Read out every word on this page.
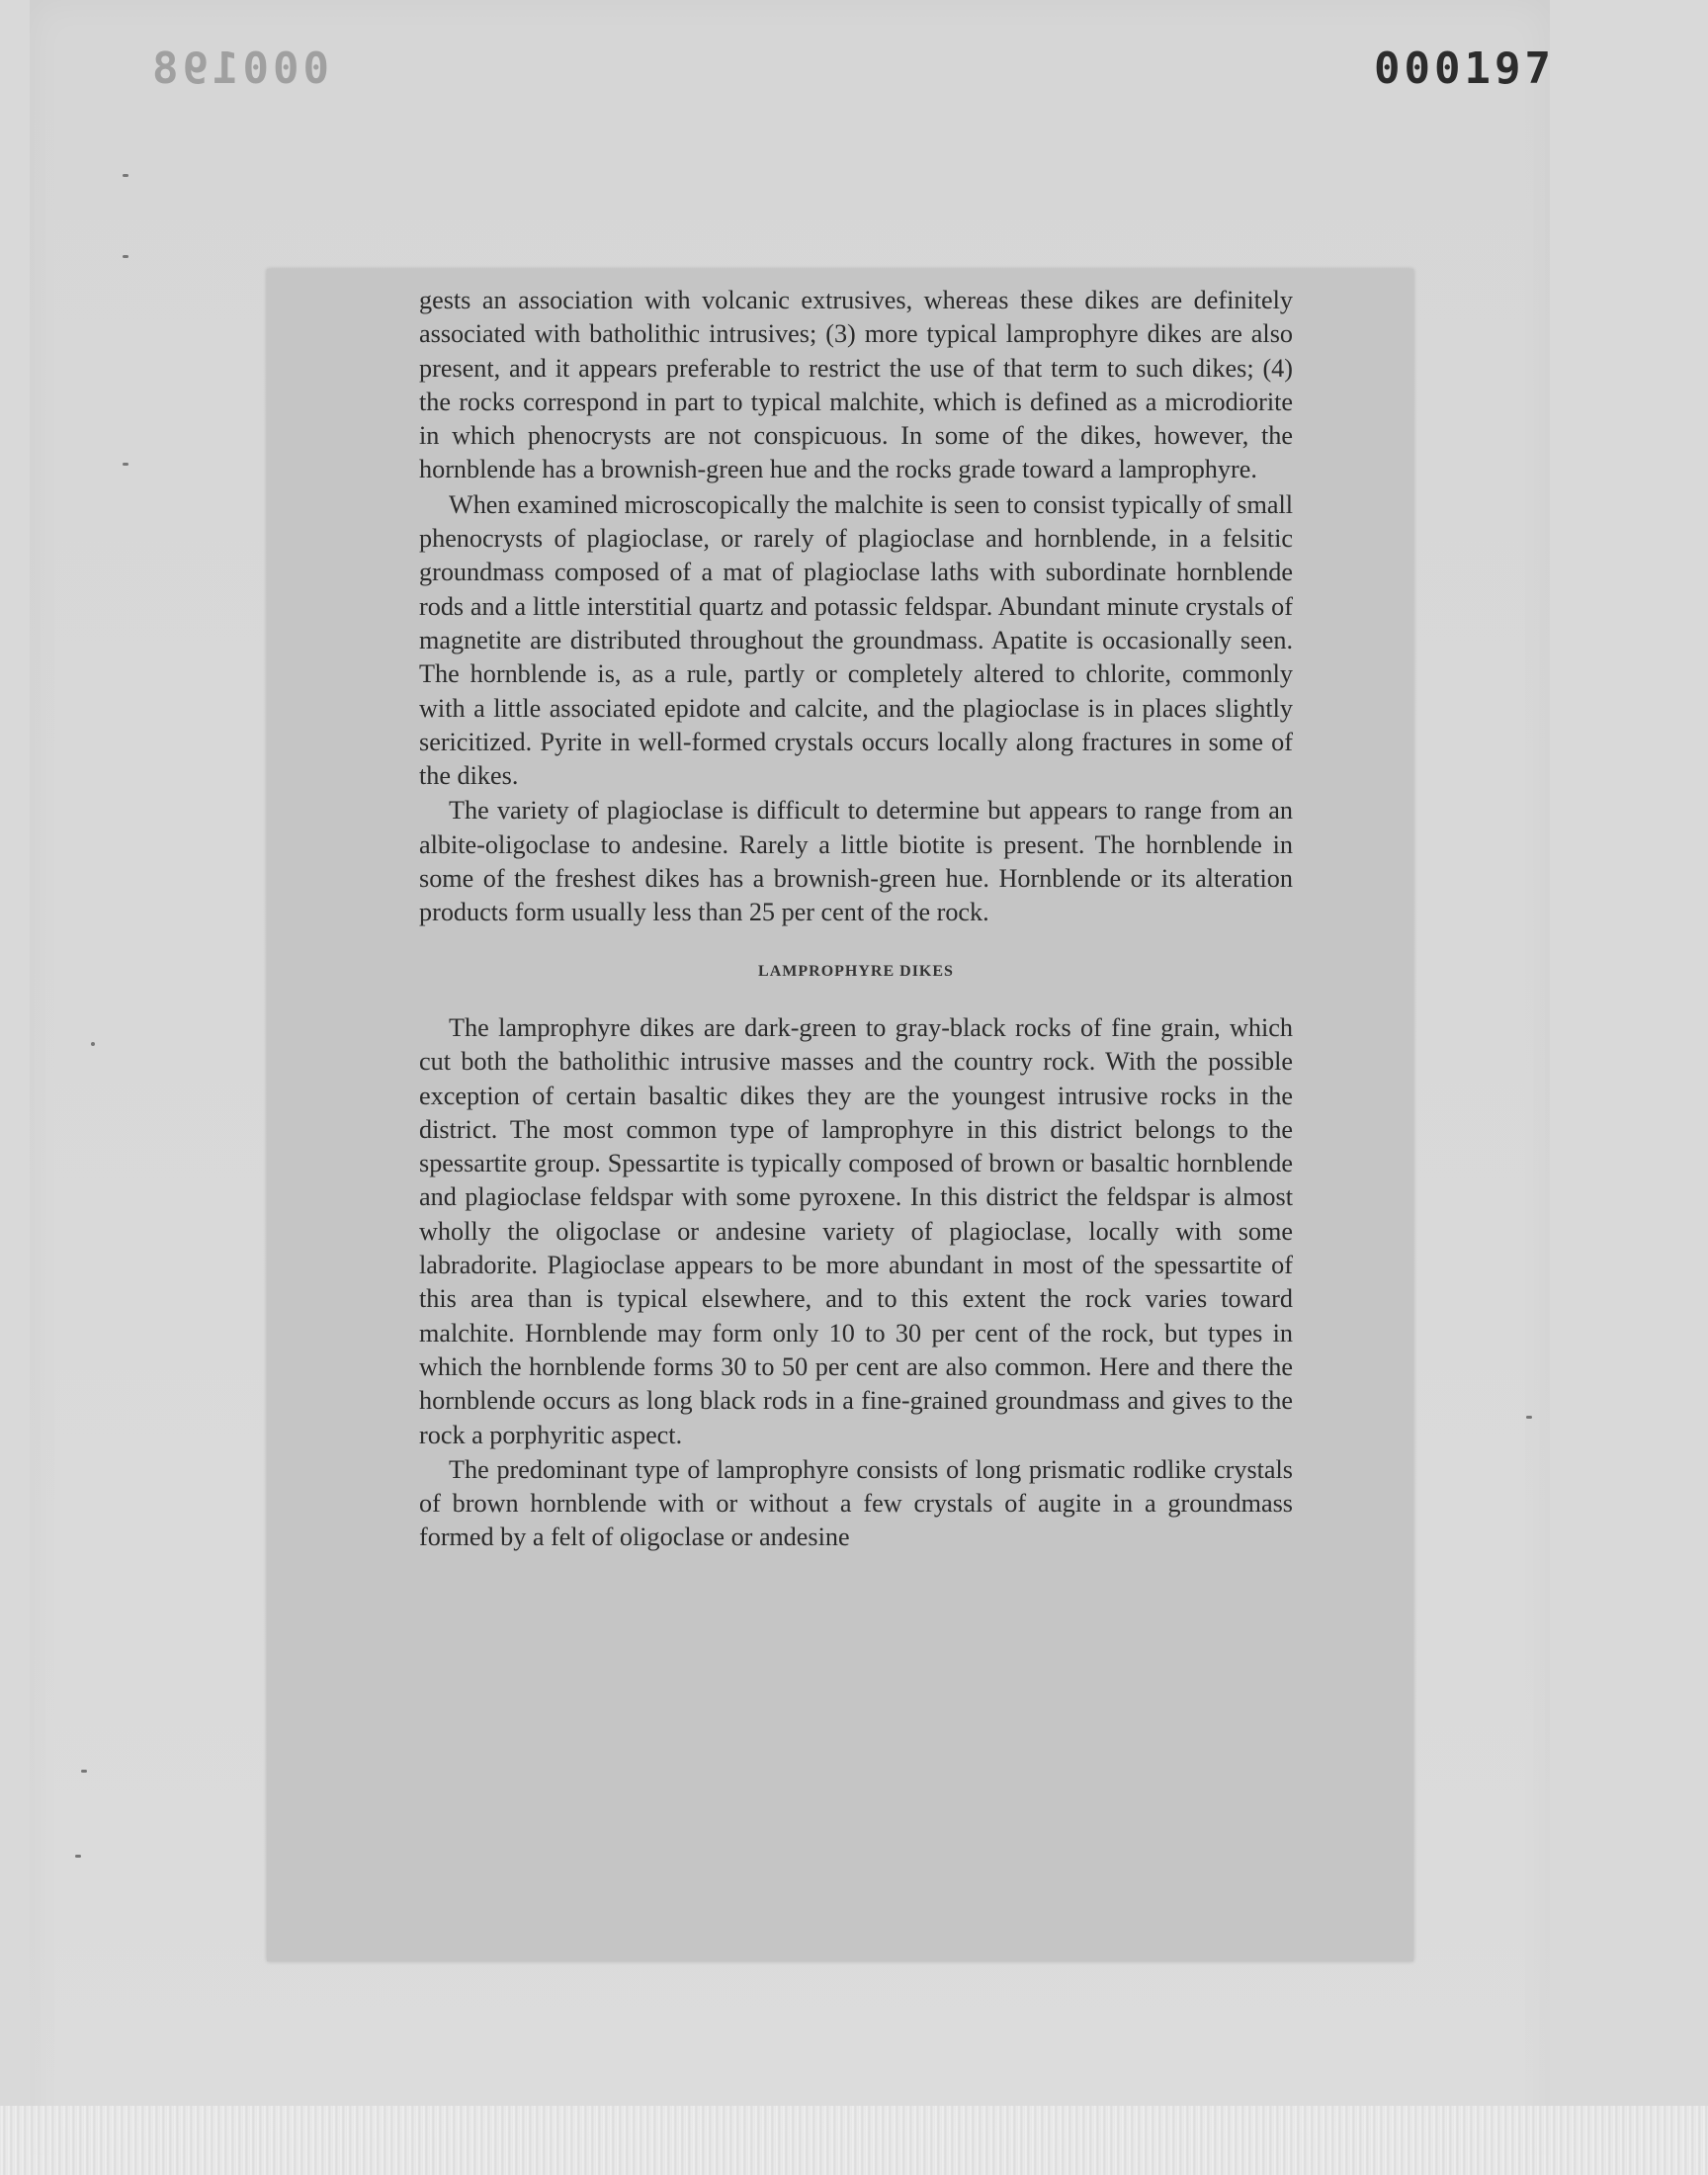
000198	000197

gests an association with volcanic extrusives, whereas these dikes are definitely associated with batholithic intrusives; (3) more typical lamprophyre dikes are also present, and it appears preferable to restrict the use of that term to such dikes; (4) the rocks correspond in part to typical malchite, which is defined as a microdiorite in which phenocrysts are not conspicuous. In some of the dikes, however, the hornblende has a brownish-green hue and the rocks grade toward a lamprophyre.

When examined microscopically the malchite is seen to consist typically of small phenocrysts of plagioclase, or rarely of plagioclase and hornblende, in a felsitic groundmass composed of a mat of plagioclase laths with subordinate hornblende rods and a little interstitial quartz and potassic feldspar. Abundant minute crystals of magnetite are distributed throughout the groundmass. Apatite is occasionally seen. The hornblende is, as a rule, partly or completely altered to chlorite, commonly with a little associated epidote and calcite, and the plagioclase is in places slightly sericitized. Pyrite in well-formed crystals occurs locally along fractures in some of the dikes.

The variety of plagioclase is difficult to determine but appears to range from an albite-oligoclase to andesine. Rarely a little biotite is present. The hornblende in some of the freshest dikes has a brownish-green hue. Hornblende or its alteration products form usually less than 25 per cent of the rock.

LAMPROPHYRE DIKES

The lamprophyre dikes are dark-green to gray-black rocks of fine grain, which cut both the batholithic intrusive masses and the country rock. With the possible exception of certain basaltic dikes they are the youngest intrusive rocks in the district. The most common type of lamprophyre in this district belongs to the spessartite group. Spessartite is typically composed of brown or basaltic hornblende and plagioclase feldspar with some pyroxene. In this district the feldspar is almost wholly the oligoclase or andesine variety of plagioclase, locally with some labradorite. Plagioclase appears to be more abundant in most of the spessartite of this area than is typical elsewhere, and to this extent the rock varies toward malchite. Hornblende may form only 10 to 30 per cent of the rock, but types in which the hornblende forms 30 to 50 per cent are also common. Here and there the hornblende occurs as long black rods in a fine-grained groundmass and gives to the rock a porphyritic aspect.

The predominant type of lamprophyre consists of long prismatic rodlike crystals of brown hornblende with or without a few crystals of augite in a groundmass formed by a felt of oligoclase or andesine
